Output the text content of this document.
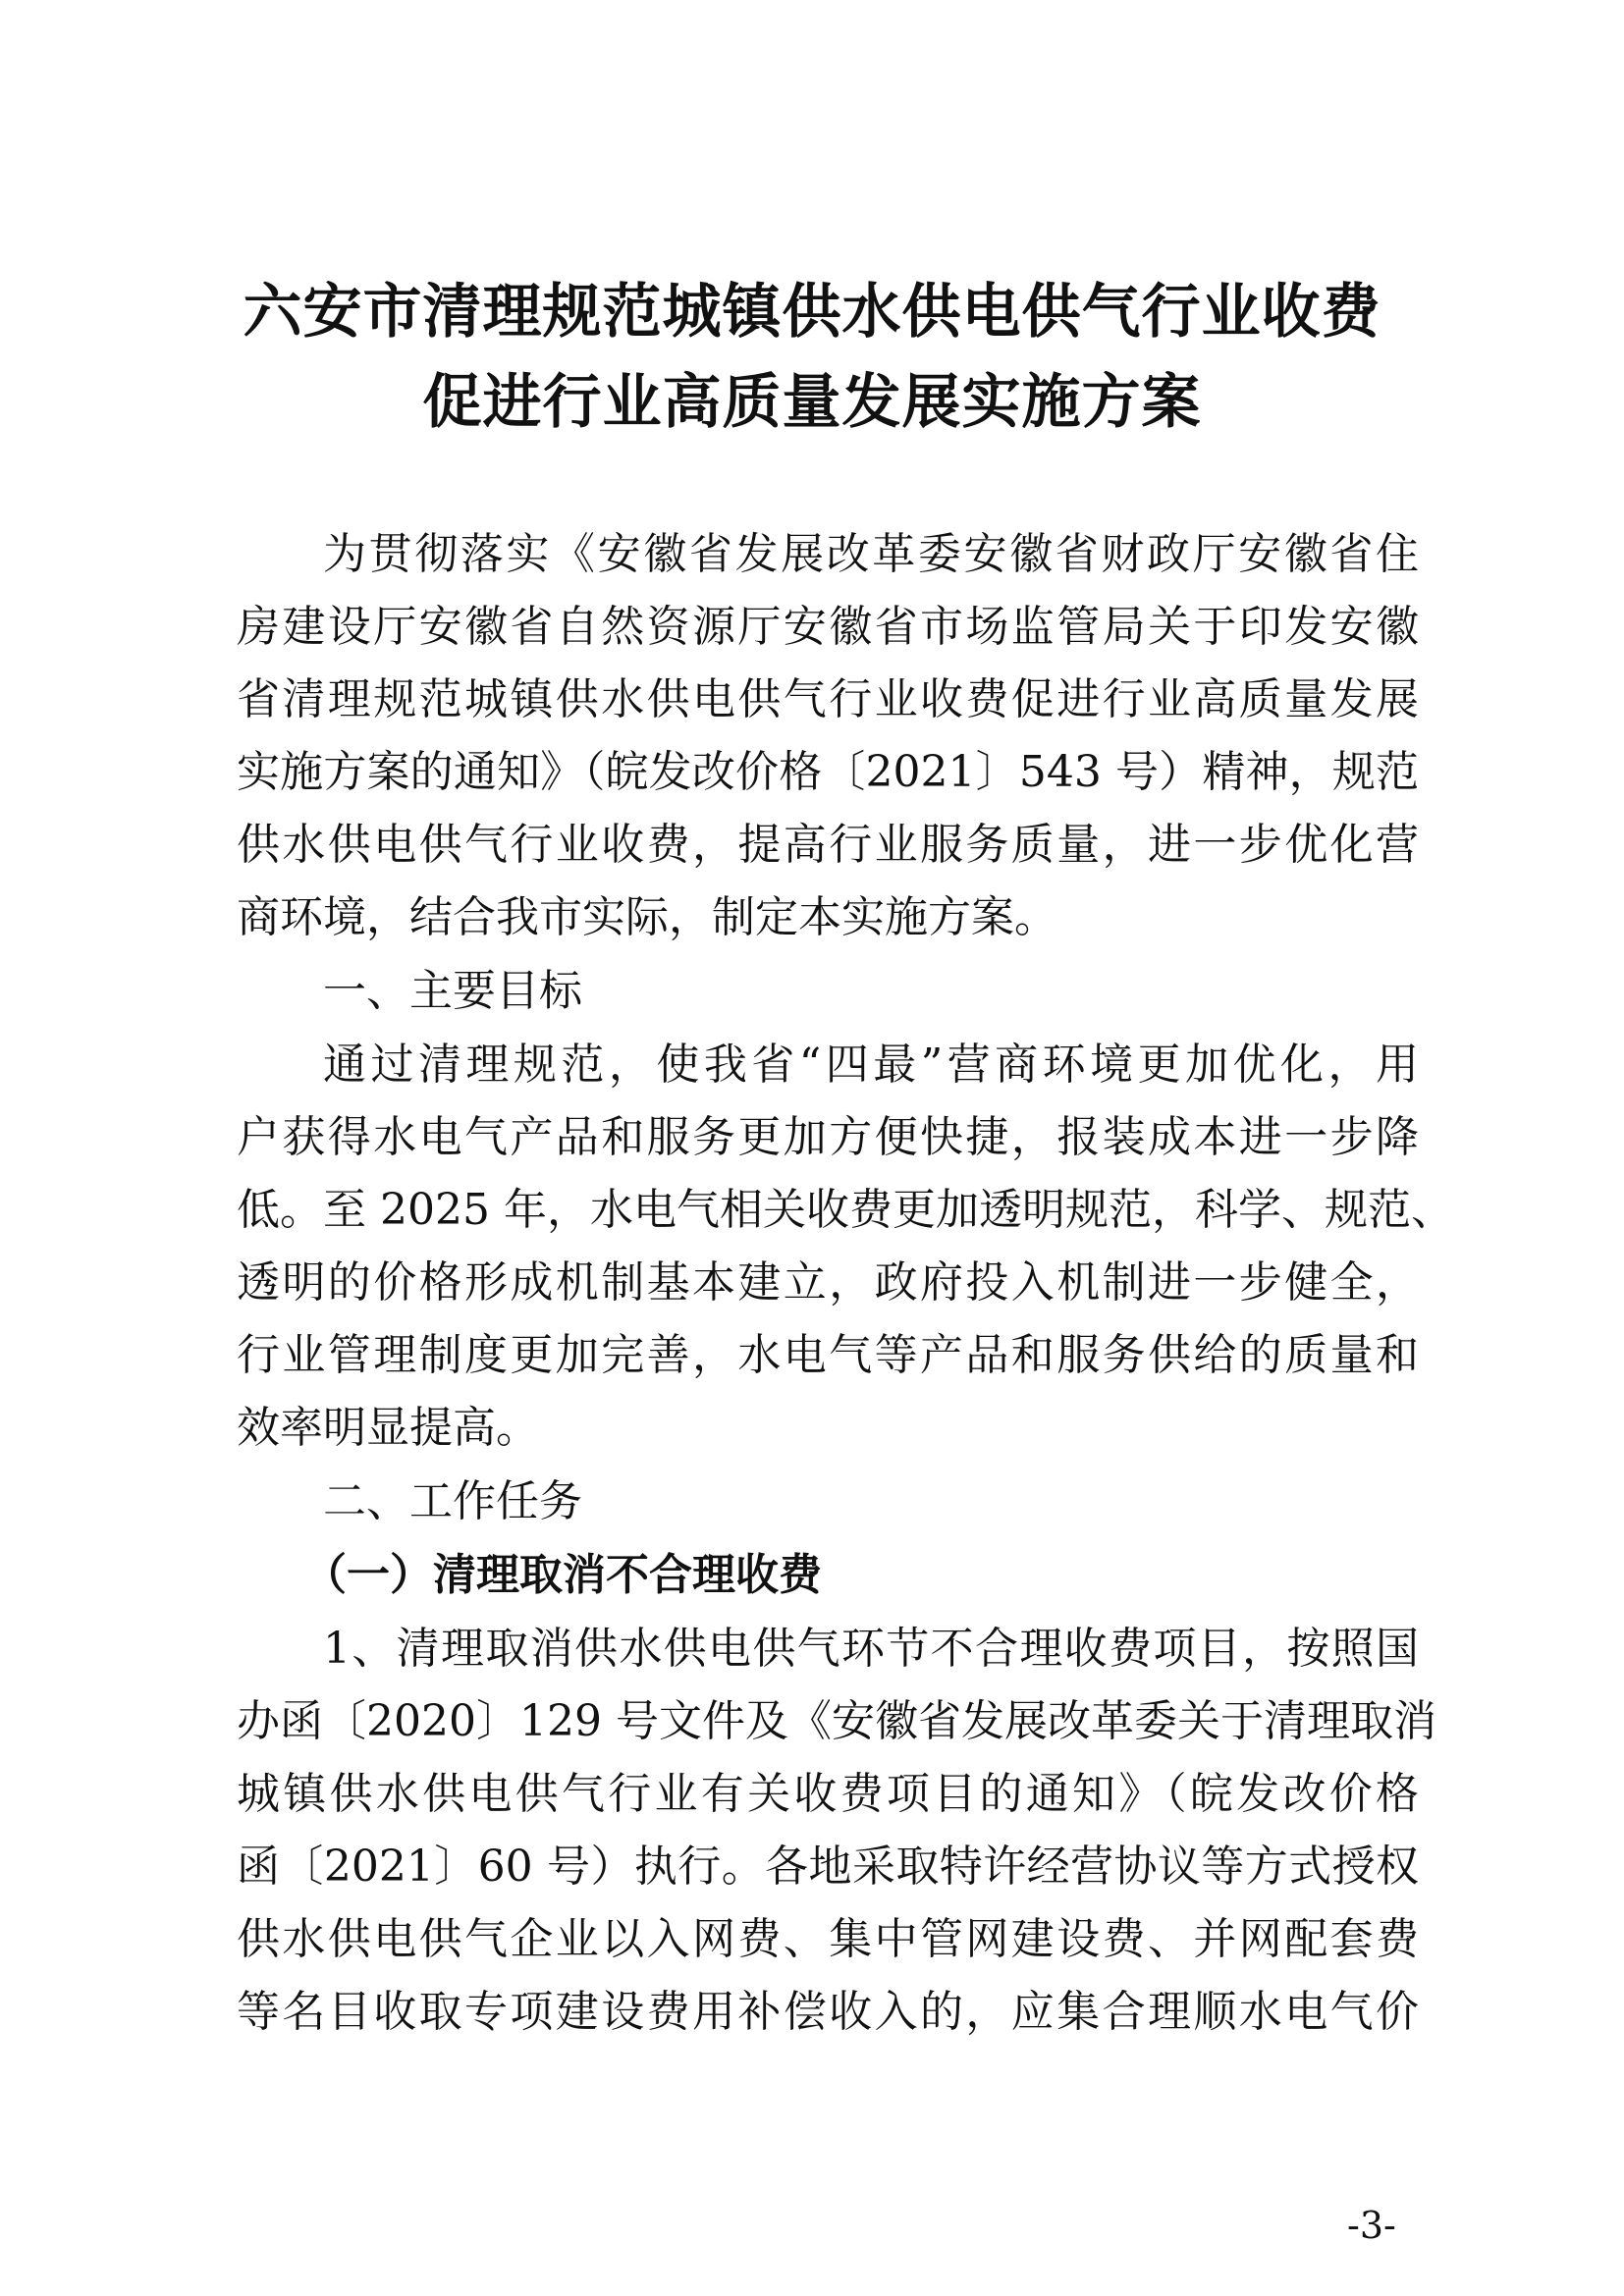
六安市清理规范城镇供水供电供气行业收费
促进行业高质量发展实施方案
为贯彻落实《安徽省发展改革委安徽省财政厅安徽省住
房建设厅安徽省自然资源厅安徽省市场监管局关于印发安徽
省清理规范城镇供水供电供气行业收费促进行业高质量发展
实施方案的通知》（皖发改价格〔2021〕543 号）精神，规范
供水供电供气行业收费，提高行业服务质量，进一步优化营
商环境，结合我市实际，制定本实施方案。
一、主要目标
通过清理规范，使我省“四最”营商环境更加优化，用
户获得水电气产品和服务更加方便快捷，报装成本进一步降
低。至 2025 年，水电气相关收费更加透明规范，科学、规范、
透明的价格形成机制基本建立，政府投入机制进一步健全，
行业管理制度更加完善，水电气等产品和服务供给的质量和
效率明显提高。
二、工作任务
（一）清理取消不合理收费
1、清理取消供水供电供气环节不合理收费项目，按照国
办函〔2020〕129 号文件及《安徽省发展改革委关于清理取消
城镇供水供电供气行业有关收费项目的通知》（皖发改价格
函〔2021〕60 号）执行。各地采取特许经营协议等方式授权
供水供电供气企业以入网费、集中管网建设费、并网配套费
等名目收取专项建设费用补偿收入的，应集合理顺水电气价
-3-
